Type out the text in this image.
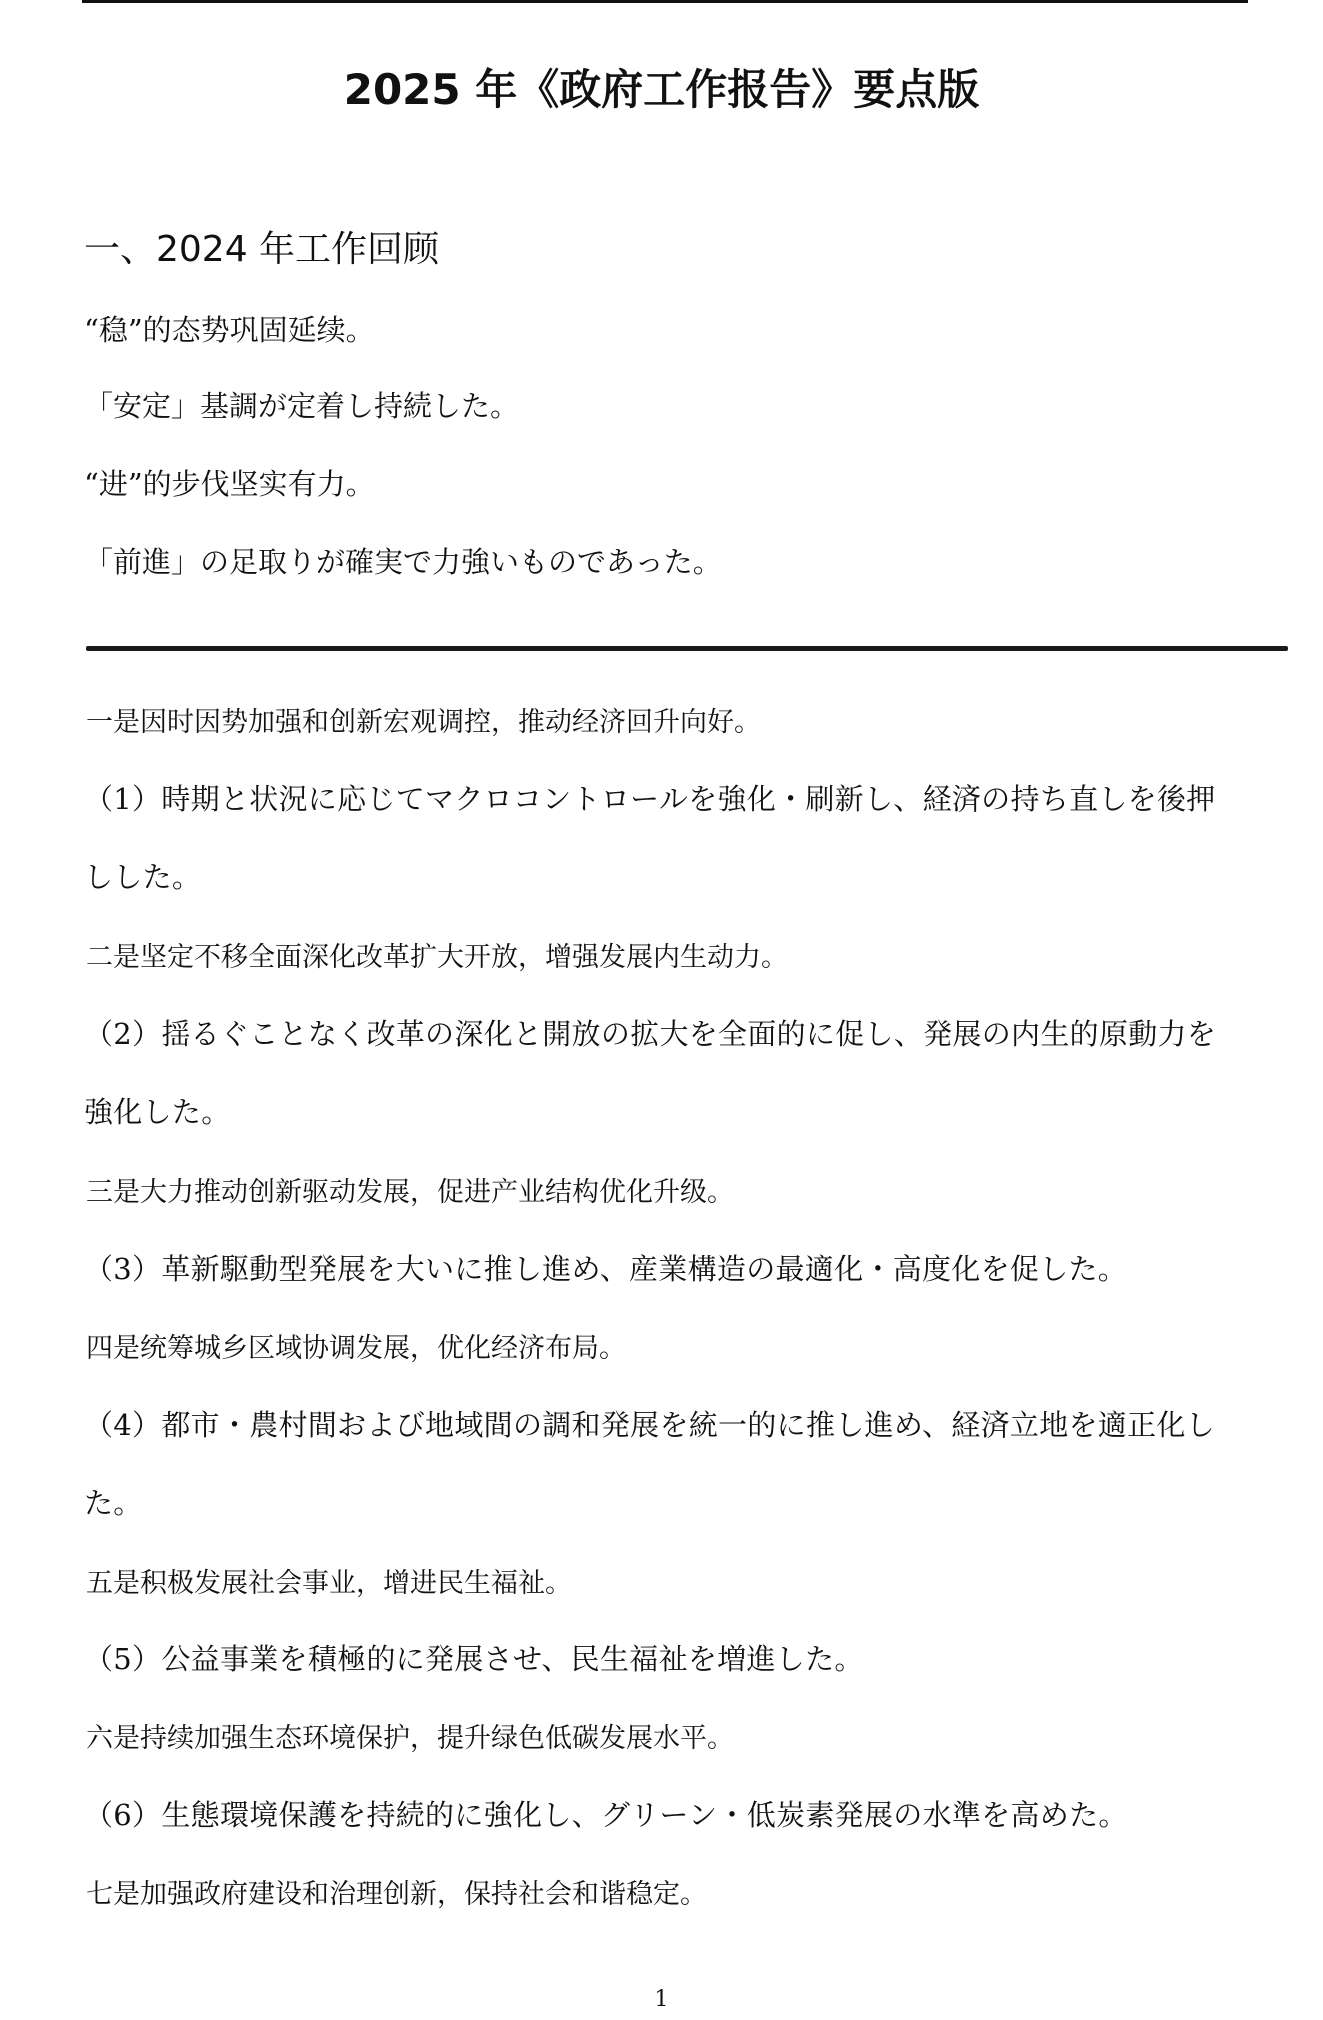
2025 年《政府工作报告》要点版
一、2024 年工作回顾
“稳”的态势巩固延续。
「安定」基調が定着し持続した。
“进”的步伐坚实有力。
「前進」の足取りが確実で力強いものであった。
一是因时因势加强和创新宏观调控，推动经济回升向好。
（1）時期と状況に応じてマクロコントロールを強化・刷新し、経済の持ち直しを後押しした。
二是坚定不移全面深化改革扩大开放，增强发展内生动力。
（2）揺るぐことなく改革の深化と開放の拡大を全面的に促し、発展の内生的原動力を強化した。
三是大力推动创新驱动发展，促进产业结构优化升级。
（3）革新駆動型発展を大いに推し進め、産業構造の最適化・高度化を促した。
四是统筹城乡区域协调发展，优化经济布局。
（4）都市・農村間および地域間の調和発展を統一的に推し進め、経済立地を適正化した。
五是积极发展社会事业，增进民生福祉。
（5）公益事業を積極的に発展させ、民生福祉を増進した。
六是持续加强生态环境保护，提升绿色低碳发展水平。
（6）生態環境保護を持続的に強化し、グリーン・低炭素発展の水準を高めた。
七是加强政府建设和治理创新，保持社会和谐稳定。
1
